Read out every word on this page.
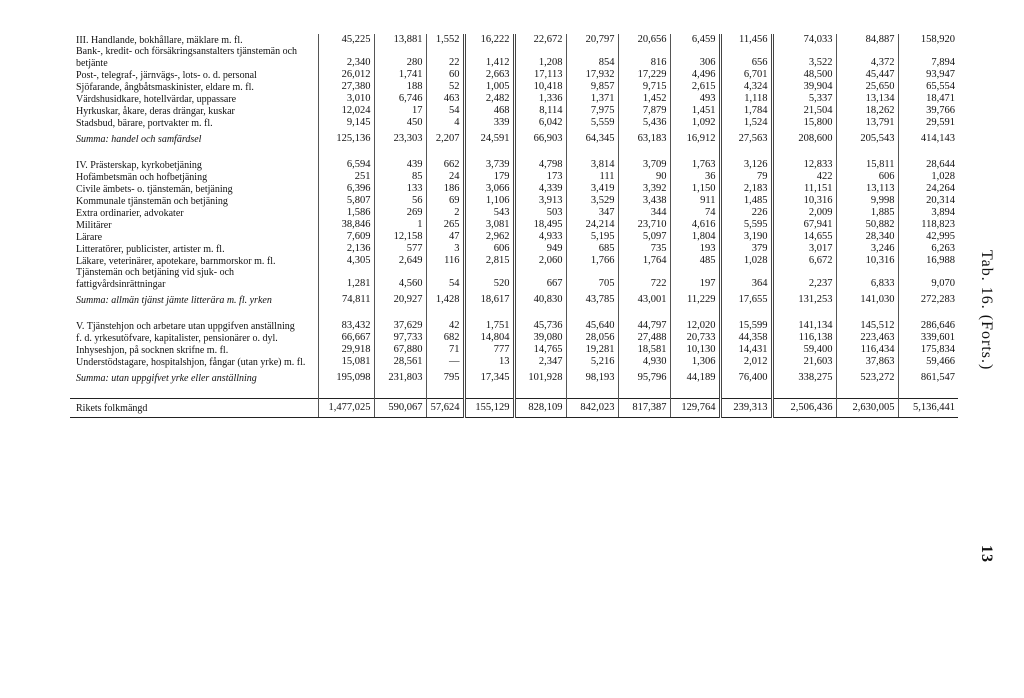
III. Handlande, bokhållare, mäklare m. fl.	45,225	13,881	1,552	16,222	22,672	20,797	20,656	6,459	11,456	74,033	84,887	158,920
Bank-, kredit- och försäkringsanstalters tjänstemän och betjänte	2,340	280	22	1,412	1,208	854	816	306	656	3,522	4,372	7,894
Post-, telegraf-, järnvägs-, lots- o. d. personal	26,012	1,741	60	2,663	17,113	17,932	17,229	4,496	6,701	48,500	45,447	93,947
Sjöfarande, ångbåtsmaskinister, eldare m. fl.	27,380	188	52	1,005	10,418	9,857	9,715	2,615	4,324	39,904	25,650	65,554
Värdshusidkare, hotellvärdar, uppassare	3,010	6,746	463	2,482	1,336	1,371	1,452	493	1,118	5,337	13,134	18,471
Hyrkuskar, åkare, deras drängar, kuskar	12,024	17	54	468	8,114	7,975	7,879	1,451	1,784	21,504	18,262	39,766
Stadsbud, bärare, portvakter m. fl.	9,145	450	4	339	6,042	5,559	5,436	1,092	1,524	15,800	13,791	29,591
Summa: handel och samfärdsel	125,136	23,303	2,207	24,591	66,903	64,345	63,183	16,912	27,563	208,600	205,543	414,143

IV. Prästerskap, kyrkobetjäning	6,594	439	662	3,739	4,798	3,814	3,709	1,763	3,126	12,833	15,811	28,644
Hofämbetsmän och hofbetjäning	251	85	24	179	173	111	90	36	79	422	606	1,028
Civile ämbets- o. tjänstemän, betjäning	6,396	133	186	3,066	4,339	3,419	3,392	1,150	2,183	11,151	13,113	24,264
Kommunale tjänstemän och betjäning	5,807	56	69	1,106	3,913	3,529	3,438	911	1,485	10,316	9,998	20,314
Extra ordinarier, advokater	1,586	269	2	543	503	347	344	74	226	2,009	1,885	3,894
Militärer	38,846	1	265	3,081	18,495	24,214	23,710	4,616	5,595	67,941	50,882	118,823
Lärare	7,609	12,158	47	2,962	4,933	5,195	5,097	1,804	3,190	14,655	28,340	42,995
Litteratörer, publicister, artister m. fl.	2,136	577	3	606	949	685	735	193	379	3,017	3,246	6,263
Läkare, veterinärer, apotekare, barnmorskor m. fl.	4,305	2,649	116	2,815	2,060	1,766	1,764	485	1,028	6,672	10,316	16,988
Tjänstemän och betjäning vid sjuk- och fattigvårdsinrättningar	1,281	4,560	54	520	667	705	722	197	364	2,237	6,833	9,070
Summa: allmän tjänst jämte litterära m. fl. yrken	74,811	20,927	1,428	18,617	40,830	43,785	43,001	11,229	17,655	131,253	141,030	272,283

V. Tjänstehjon och arbetare utan uppgifven anställning	83,432	37,629	42	1,751	45,736	45,640	44,797	12,020	15,599	141,134	145,512	286,646
f. d. yrkesutöfvare, kapitalister, pensionärer o. dyl.	66,667	97,733	682	14,804	39,080	28,056	27,488	20,733	44,358	116,138	223,463	339,601
Inhyseshjon, på socknen skrifne m. fl.	29,918	67,880	71	777	14,765	19,281	18,581	10,130	14,431	59,400	116,434	175,834
Understödstagare, hospitalshjon, fångar (utan yrke) m. fl.	15,081	28,561	—	13	2,347	5,216	4,930	1,306	2,012	21,603	37,863	59,466
Summa: utan uppgifvet yrke eller anställning	195,098	231,803	795	17,345	101,928	98,193	95,796	44,189	76,400	338,275	523,272	861,547

Rikets folkmängd	1,477,025	590,067	57,624	155,129	828,109	842,023	817,387	129,764	239,313	2,506,436	2,630,005	5,136,441
Tab. 16. (Forts.)
13
